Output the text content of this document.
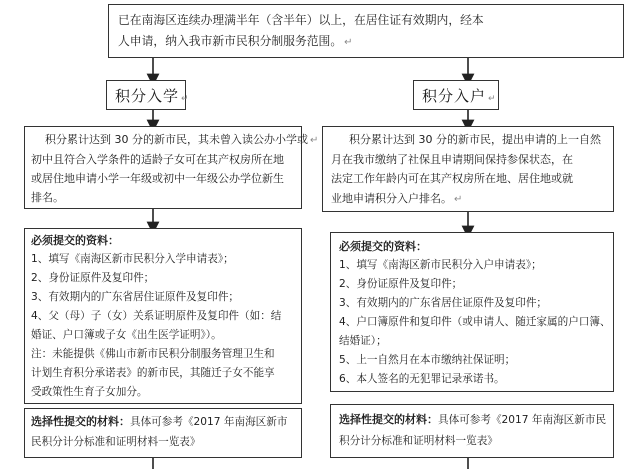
已在南海区连续办理满半年（含半年）以上，在居住证有效期内，经本
人申请，纳入我市新市民积分制服务范围。 ↵
积分入学 ↵	积分入户 ↵
积分累计达到 30 分的新市民，其未曾入读公办小学或 ↵
初中且符合入学条件的适龄子女可在其产权房所在地
或居住地申请小学一年级或初中一年级公办学位新生
排名。
积分累计达到 30 分的新市民，提出申请的上一自然
月在我市缴纳了社保且申请期间保持参保状态，在
法定工作年龄内可在其产权房所在地、居住地或就
业地申请积分入户排名。 ↵
必须提交的资料：
1、填写《南海区新市民积分入学申请表》；
2、身份证原件及复印件；
3、有效期内的广东省居住证原件及复印件；
4、父（母）子（女）关系证明原件及复印件（如：结
婚证、户口簿或子女《出生医学证明》）。
注：未能提供《佛山市新市民积分制服务管理卫生和
计划生育积分承诺表》的新市民，其随迁子女不能享
受政策性生育子女加分。
必须提交的资料：
1、填写《南海区新市民积分入户申请表》；
2、身份证原件及复印件；
3、有效期内的广东省居住证原件及复印件；
4、户口簿原件和复印件（或申请人、随迁家属的户口簿、
结婚证）；
5、上一自然月在本市缴纳社保证明；
6、本人签名的无犯罪记录承诺书。
选择性提交的材料：具体可参考《2017 年南海区新市
民积分计分标准和证明材料一览表》
选择性提交的材料：具体可参考《2017 年南海区新市民
积分计分标准和证明材料一览表》
